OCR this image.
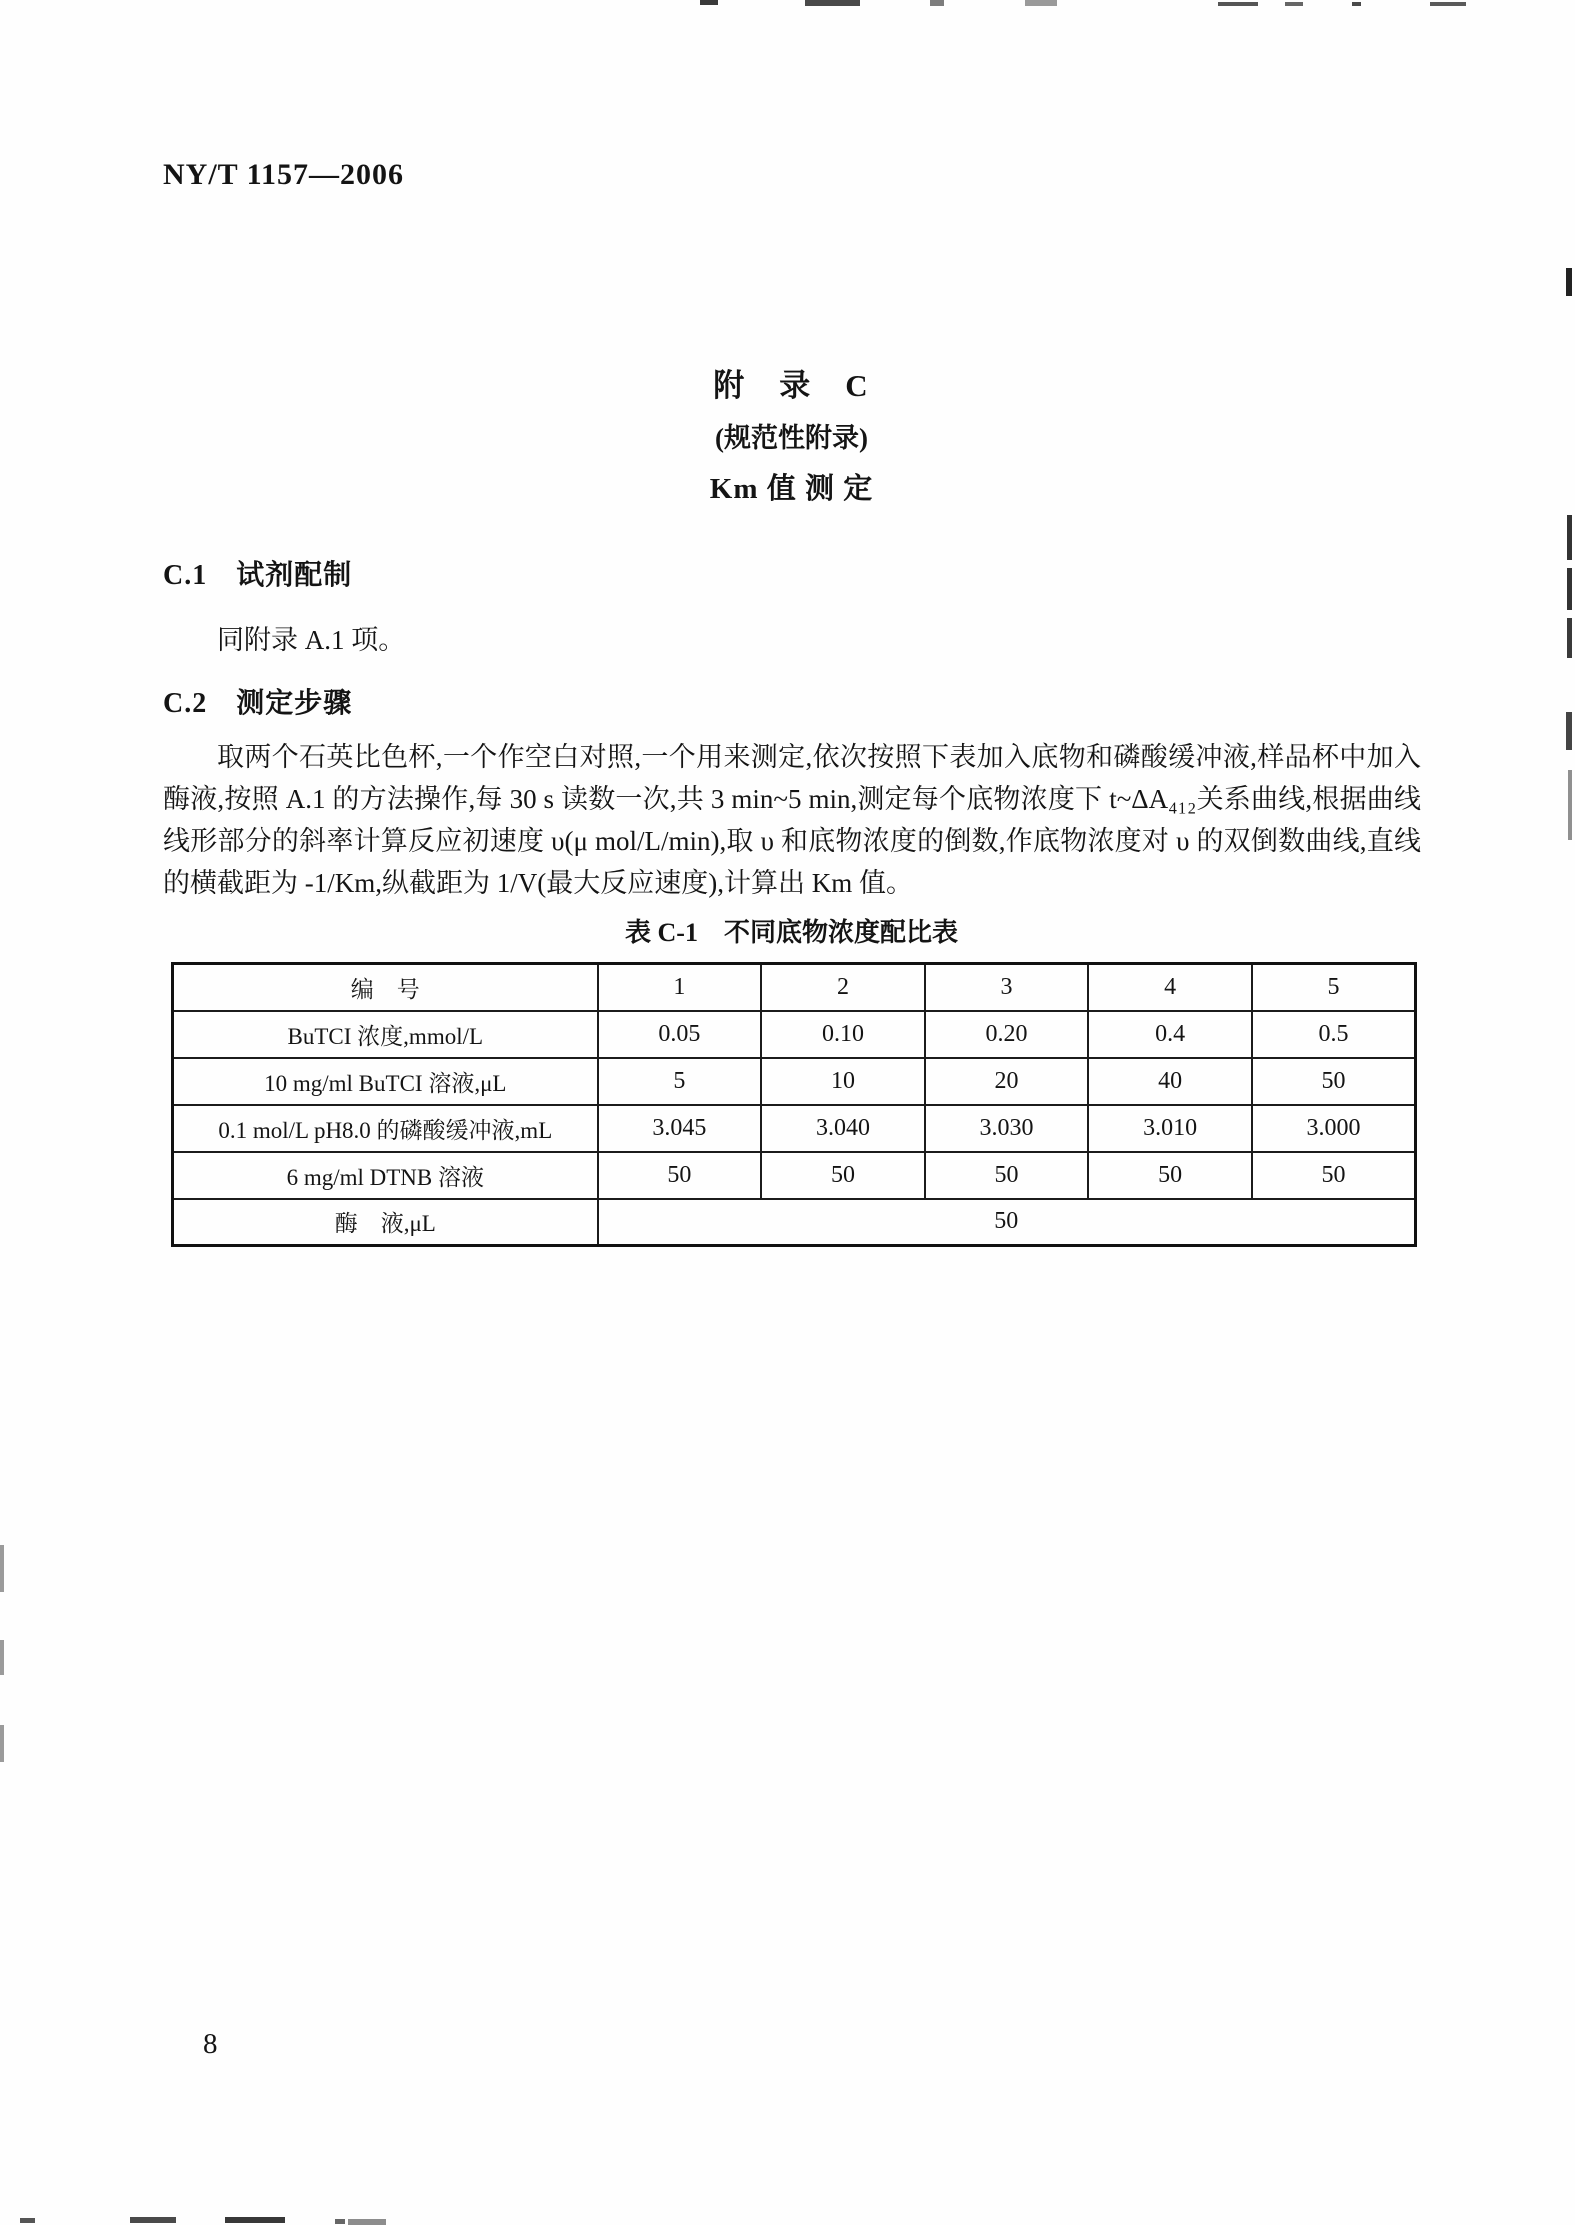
NY/T 1157—2006
附　录　C
(规范性附录)
Km 值 测 定
C.1　试剂配制
同附录 A.1 项。
C.2　测定步骤
取两个石英比色杯,一个作空白对照,一个用来测定,依次按照下表加入底物和磷酸缓冲液,样品杯中加入酶液,按照 A.1 的方法操作,每 30 s 读数一次,共 3 min~5 min,测定每个底物浓度下 t~ΔA₄₁₂关系曲线,根据曲线线形部分的斜率计算反应初速度 υ(μ mol/L/min),取 υ 和底物浓度的倒数,作底物浓度对 υ 的双倒数曲线,直线的横截距为 -1/Km,纵截距为 1/V(最大反应速度),计算出 Km 值。
表 C-1　不同底物浓度配比表
编　号	1	2	3	4	5
BuTCI 浓度,mmol/L	0.05	0.10	0.20	0.4	0.5
10 mg/ml BuTCI 溶液,μL	5	10	20	40	50
0.1 mol/L pH8.0 的磷酸缓冲液,mL	3.045	3.040	3.030	3.010	3.000
6 mg/ml DTNB 溶液	50	50	50	50	50
酶　液,μL	50				
8
